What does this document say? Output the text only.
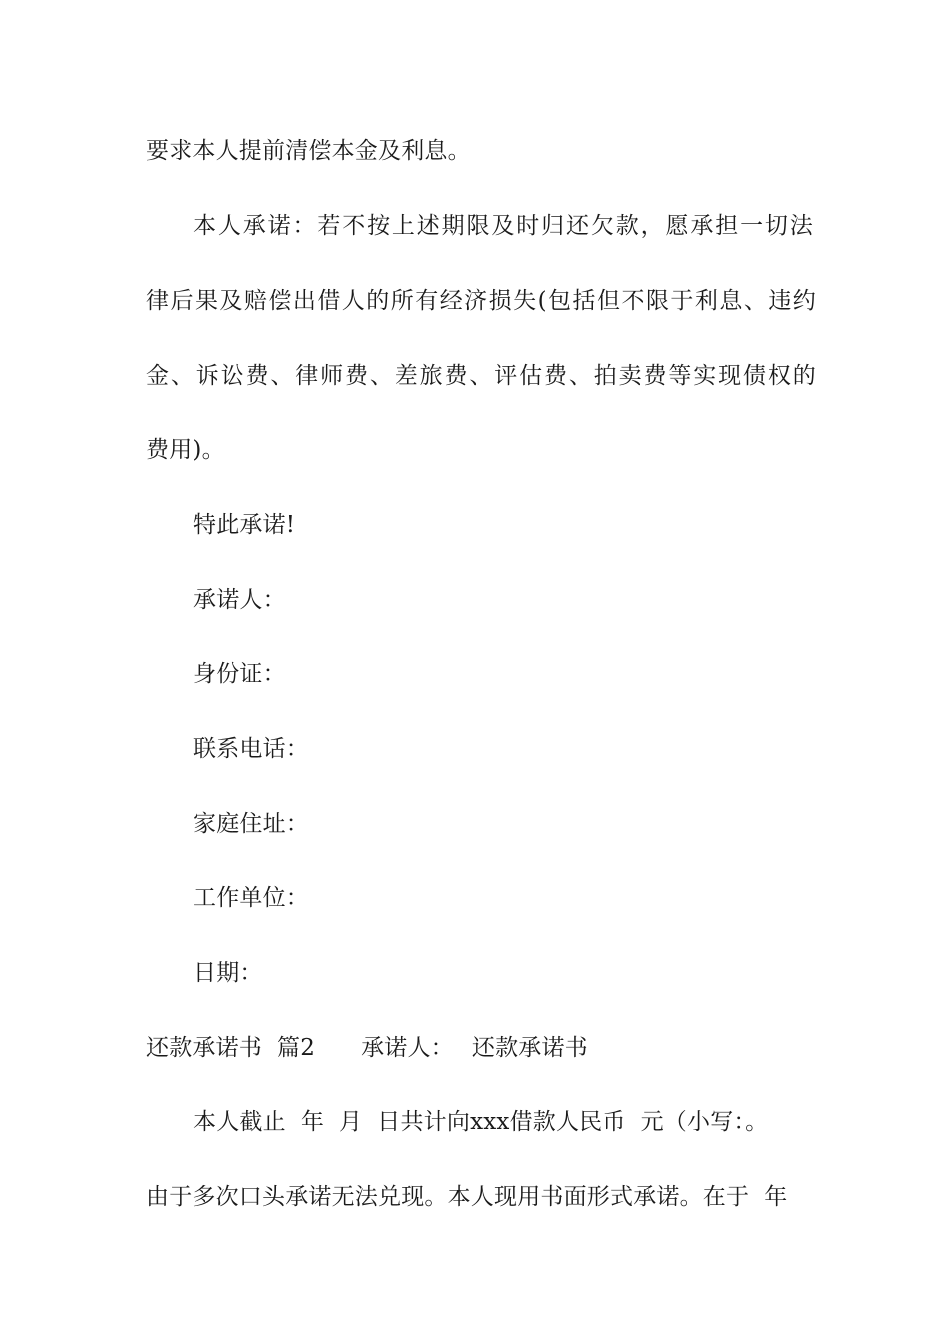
要求本人提前清偿本金及利息。
本人承诺：若不按上述期限及时归还欠款，愿承担一切法
律后果及赔偿出借人的所有经济损失(包括但不限于利息、违约
金、诉讼费、律师费、差旅费、评估费、拍卖费等实现债权的
费用)。
特此承诺!
承诺人：
身份证：
联系电话：
家庭住址：
工作单位：
日期：
还款承诺书  篇2 承诺人： 还款承诺书
本人截止  年  月  日共计向xxx借款人民币  元（小写：。
由于多次口头承诺无法兑现。本人现用书面形式承诺。在于  年
